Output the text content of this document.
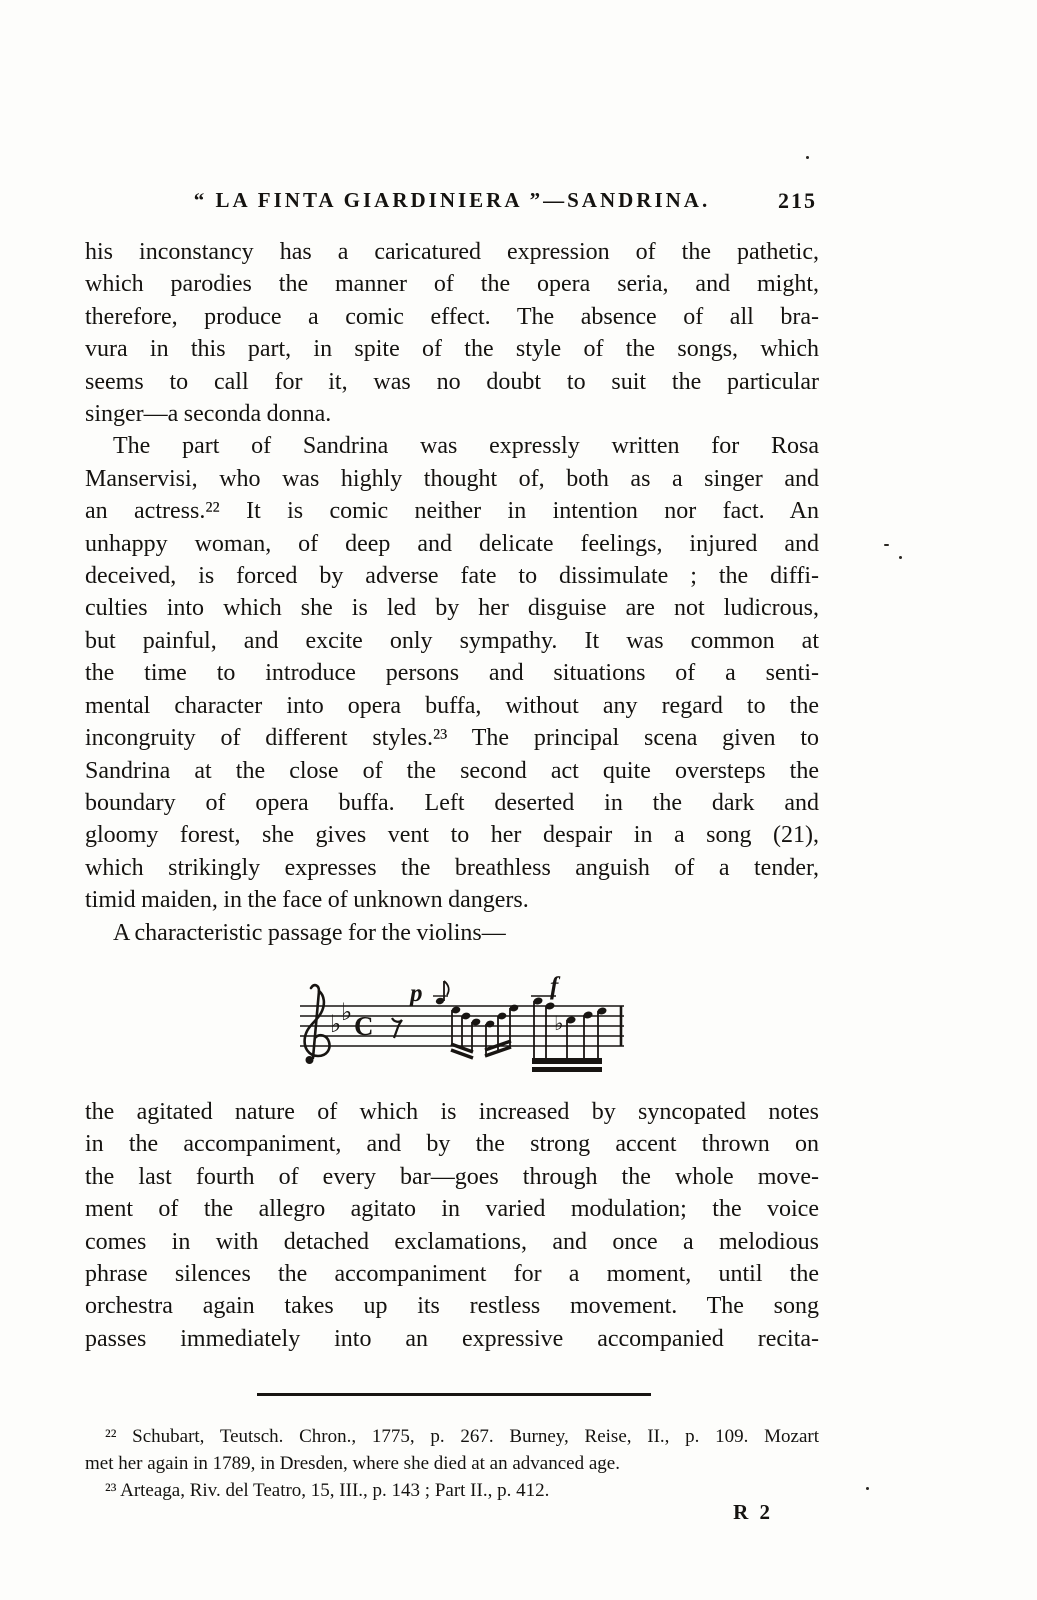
“ LA FINTA GIARDINIERA ”—SANDRINA.	215
his inconstancy has a caricatured expression of the pathetic,
which parodies the manner of the opera seria, and might,
therefore, produce a comic effect. The absence of all bra-
vura in this part, in spite of the style of the songs, which
seems to call for it, was no doubt to suit the particular
singer—a seconda donna.
The part of Sandrina was expressly written for Rosa
Manservisi, who was highly thought of, both as a singer and
an actress.²² It is comic neither in intention nor fact. An
unhappy woman, of deep and delicate feelings, injured and
deceived, is forced by adverse fate to dissimulate ; the diffi-
culties into which she is led by her disguise are not ludicrous,
but painful, and excite only sympathy. It was common at
the time to introduce persons and situations of a senti-
mental character into opera buffa, without any regard to the
incongruity of different styles.²³ The principal scena given to
Sandrina at the close of the second act quite oversteps the
boundary of opera buffa. Left deserted in the dark and
gloomy forest, she gives vent to her despair in a song (21),
which strikingly expresses the breathless anguish of a tender,
timid maiden, in the face of unknown dangers.
A characteristic passage for the violins—
♭ ♭ C
p	f
♭
the agitated nature of which is increased by syncopated notes
in the accompaniment, and by the strong accent thrown on
the last fourth of every bar—goes through the whole move-
ment of the allegro agitato in varied modulation; the voice
comes in with detached exclamations, and once a melodious
phrase silences the accompaniment for a moment, until the
orchestra again takes up its restless movement. The song
passes immediately into an expressive accompanied recita-
²² Schubart, Teutsch. Chron., 1775, p. 267. Burney, Reise, II., p. 109. Mozart
met her again in 1789, in Dresden, where she died at an advanced age.
²³ Arteaga, Riv. del Teatro, 15, III., p. 143 ; Part II., p. 412.
R 2
